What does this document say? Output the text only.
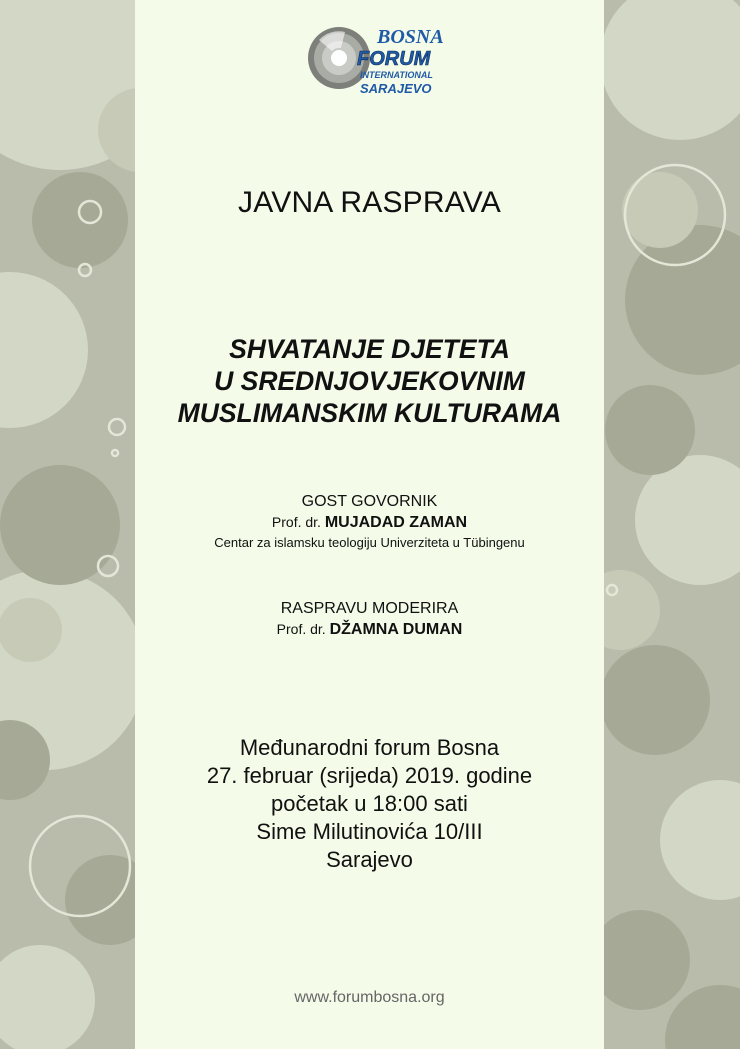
BOSNA
FORUM
INTERNATIONAL
SARAJEVO
JAVNA RASPRAVA
SHVATANJE DJETETA
U SREDNJOVJEKOVNIM
MUSLIMANSKIM KULTURAMA
GOST GOVORNIK
Prof. dr. MUJADAD ZAMAN
Centar za islamsku teologiju Univerziteta u Tübingenu
RASPRAVU MODERIRA
Prof. dr. DŽAMNA DUMAN
Međunarodni forum Bosna
27. februar (srijeda) 2019. godine
početak u 18:00 sati
Sime Milutinovića 10/III
Sarajevo
www.forumbosna.org
